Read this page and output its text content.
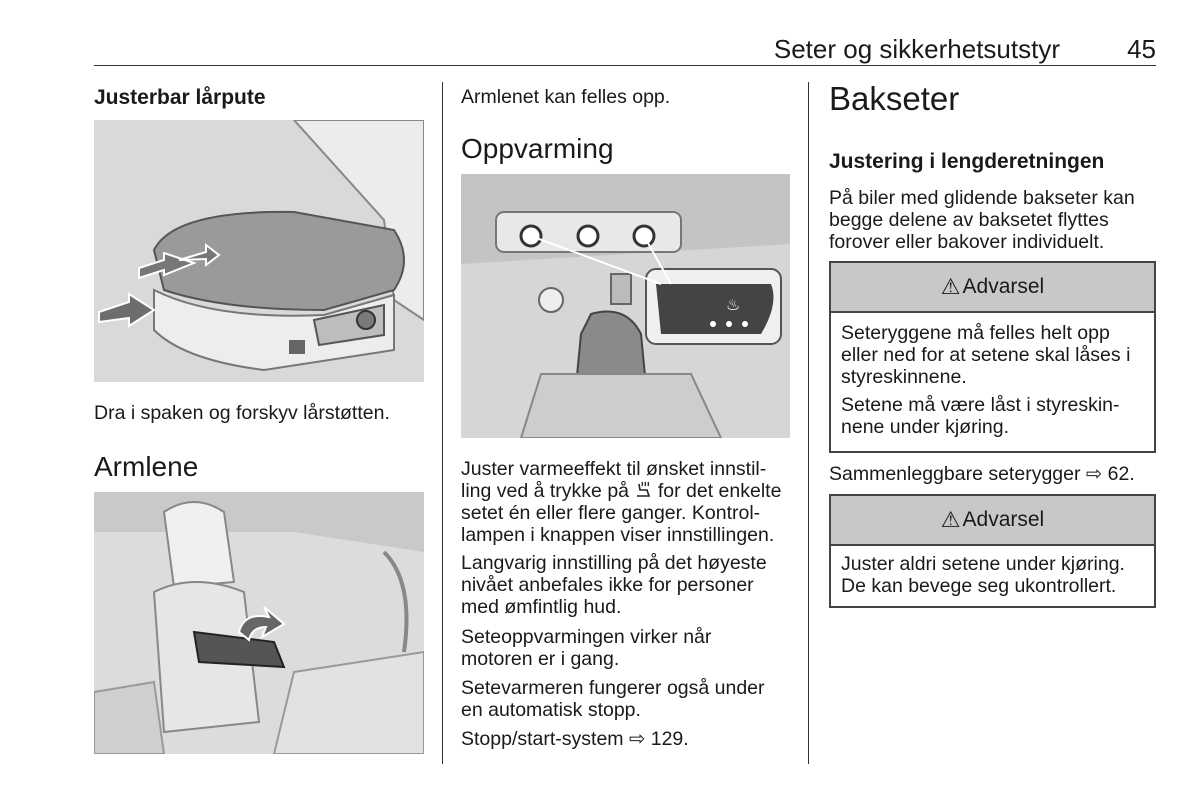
Seter og sikkerhetsutstyr	45
Justerbar lårpute

Dra i spaken og forskyv lårstøtten.

Armlene

Armlenet kan felles opp.

Oppvarming
♨

Juster varmeeffekt til ønsket innstil-
ling ved å trykke på  for det enkelte
setet én eller flere ganger. Kontrol-
lampen i knappen viser innstillingen.

Langvarig innstilling på det høyeste
nivået anbefales ikke for personer
med ømfintlig hud.

Seteoppvarmingen virker når
motoren er i gang.

Setevarmeren fungerer også under
en automatisk stopp.

Stopp/start-system ⇨ 129.

Bakseter
Justering i lengderetningen

På biler med glidende bakseter kan
begge delene av baksetet flyttes
forover eller bakover individuelt.

⚠ Advarsel

Seteryggene må felles helt opp
eller ned for at setene skal låses i
styreskinnene.

Setene må være låst i styreskin-
nene under kjøring.

Sammenleggbare seterygger ⇨ 62.

⚠ Advarsel

Juster aldri setene under kjøring.
De kan bevege seg ukontrollert.
